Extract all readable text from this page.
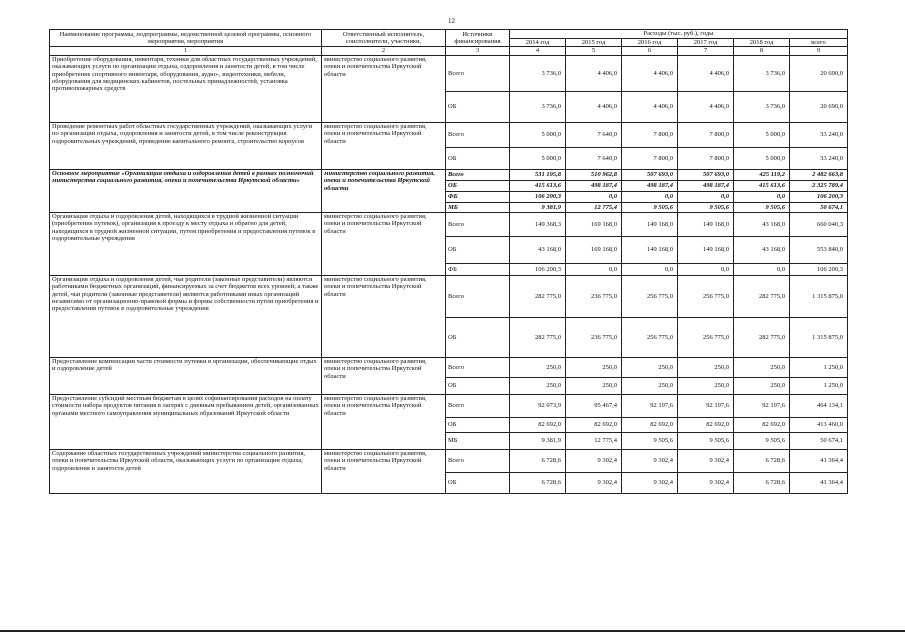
12
Наименование программы, подпрограммы, ведомственной целевой программы, основного мероприятия, мероприятия	Ответственный исполнитель, соисполнители, участники,	Источники финансирования	Расходы (тыс. руб.), годы					
			2014 год	2015 год	2016 год	2017 год	2018 год	всего
1	2	3	4	5	6	7	8	9
Приобретение оборудования, инвентаря, техники для областных государственных учреждений, оказывающих услуги по организации отдыха, оздоровления и занятости детей, в том числе приобретение спортивного инвентаря, оборудования, аудио-, видеотехники, мебели, оборудования для медицинских кабинетов, постельных принадлежностей, установка противопожарных средств	министерство социального развития, опеки и попечительства Иркутской области	Всего	3 736,0	4 406,0	4 406,0	4 406,0	3 736,0	20 690,0
		ОБ	3 736,0	4 406,0	4 406,0	4 406,0	3 736,0	20 690,0
Проведение ремонтных работ областных государственных учреждений, оказывающих услуги по организации отдыха, оздоровления и занятости детей, в том числе реконструкция оздоровительных учреждений, проведение капитального ремонта, строительство корпусов	министерство социального развития, опеки и попечительства Иркутской области	Всего	5 000,0	7 640,0	7 800,0	7 800,0	5 000,0	33 240,0
		ОБ	5 000,0	7 640,0	7 800,0	7 800,0	5 000,0	33 240,0
Основное мероприятие «Организация отдыха и оздоровления детей в рамках полномочий министерства социального развития, опеки и попечительства Иркутской области»	министерство социального развития, опеки и попечительства Иркутской области	Всего	531 195,8	510 962,8	507 693,0	507 693,0	425 119,2	2 482 663,8
		ОБ	415 613,6	498 187,4	498 187,4	498 187,4	415 613,6	2 325 789,4
		ФБ	106 200,3	0,0	0,0	0,0	0,0	106 200,3
		МБ	9 381,9	12 775,4	9 505,6	9 505,6	9 505,6	50 674,1
Организация отдыха и оздоровления детей, находящихся в трудной жизненной ситуации (приобретение путевок), организация к проезду к месту отдыха и обратно для детей, находящихся в трудной жизненной ситуации, путем приобретения и предоставления путевок в оздоровительные учреждения	министерство социального развития, опеки и попечительства Иркутской области	Всего	149 368,3	169 168,0	149 168,0	149 168,0	43 168,0	660 040,3
		ОБ	43 168,0	169 168,0	149 168,0	149 168,0	43 168,0	553 840,0
		ФБ	106 200,3	0,0	0,0	0,0	0,0	106 200,3
Организация отдыха и оздоровления детей, чьи родители (законные представители) являются работниками бюджетных организаций, финансируемых за счет бюджетов всех уровней; а также детей, чьи родители (законные представители) являются работниками иных организаций независимо от организационно-правовой формы и формы собственности путем приобретения и предоставления путевок в оздоровительные учреждения	министерство социального развития, опеки и попечительства Иркутской области	Всего	282 775,0	236 775,0	256 775,0	256 775,0	282 775,0	1 315 875,0
		ОБ	282 775,0	236 775,0	256 775,0	256 775,0	282 775,0	1 315 875,0
Предоставление компенсации части стоимости путевки в организации, обеспечивающие отдых и оздоровление детей	министерство социального развития, опеки и попечительства Иркутской области	Всего	250,0	250,0	250,0	250,0	250,0	1 250,0
		ОБ	250,0	250,0	250,0	250,0	250,0	1 250,0
Предоставление субсидий местным бюджетам в целях софинансирования расходов на оплату стоимости набора продуктов питания в лагерях с дневным пребыванием детей, организованных органами местного самоуправления муниципальных образований Иркутской области	министерство социального развития, опеки и попечительства Иркутской области	Всего	92 073,9	95 467,4	92 197,6	92 197,6	92 197,6	464 134,1
		ОБ	82 692,0	82 692,0	82 692,0	82 692,0	82 692,0	413 460,0
		МБ	9 381,9	12 775,4	9 505,6	9 505,6	9 505,6	50 674,1
Содержание областных государственных учреждений министерства социального развития, опеки и попечительства Иркутской области, оказывающих услуги по организации отдыха, оздоровления и занятости детей	министерство социального развития, опеки и попечительства Иркутской области	Всего	6 728,6	9 302,4	9 302,4	9 302,4	6 728,6	41 364,4
		ОБ	6 728,6	9 302,4	9 302,4	9 302,4	6 728,6	41 364,4
